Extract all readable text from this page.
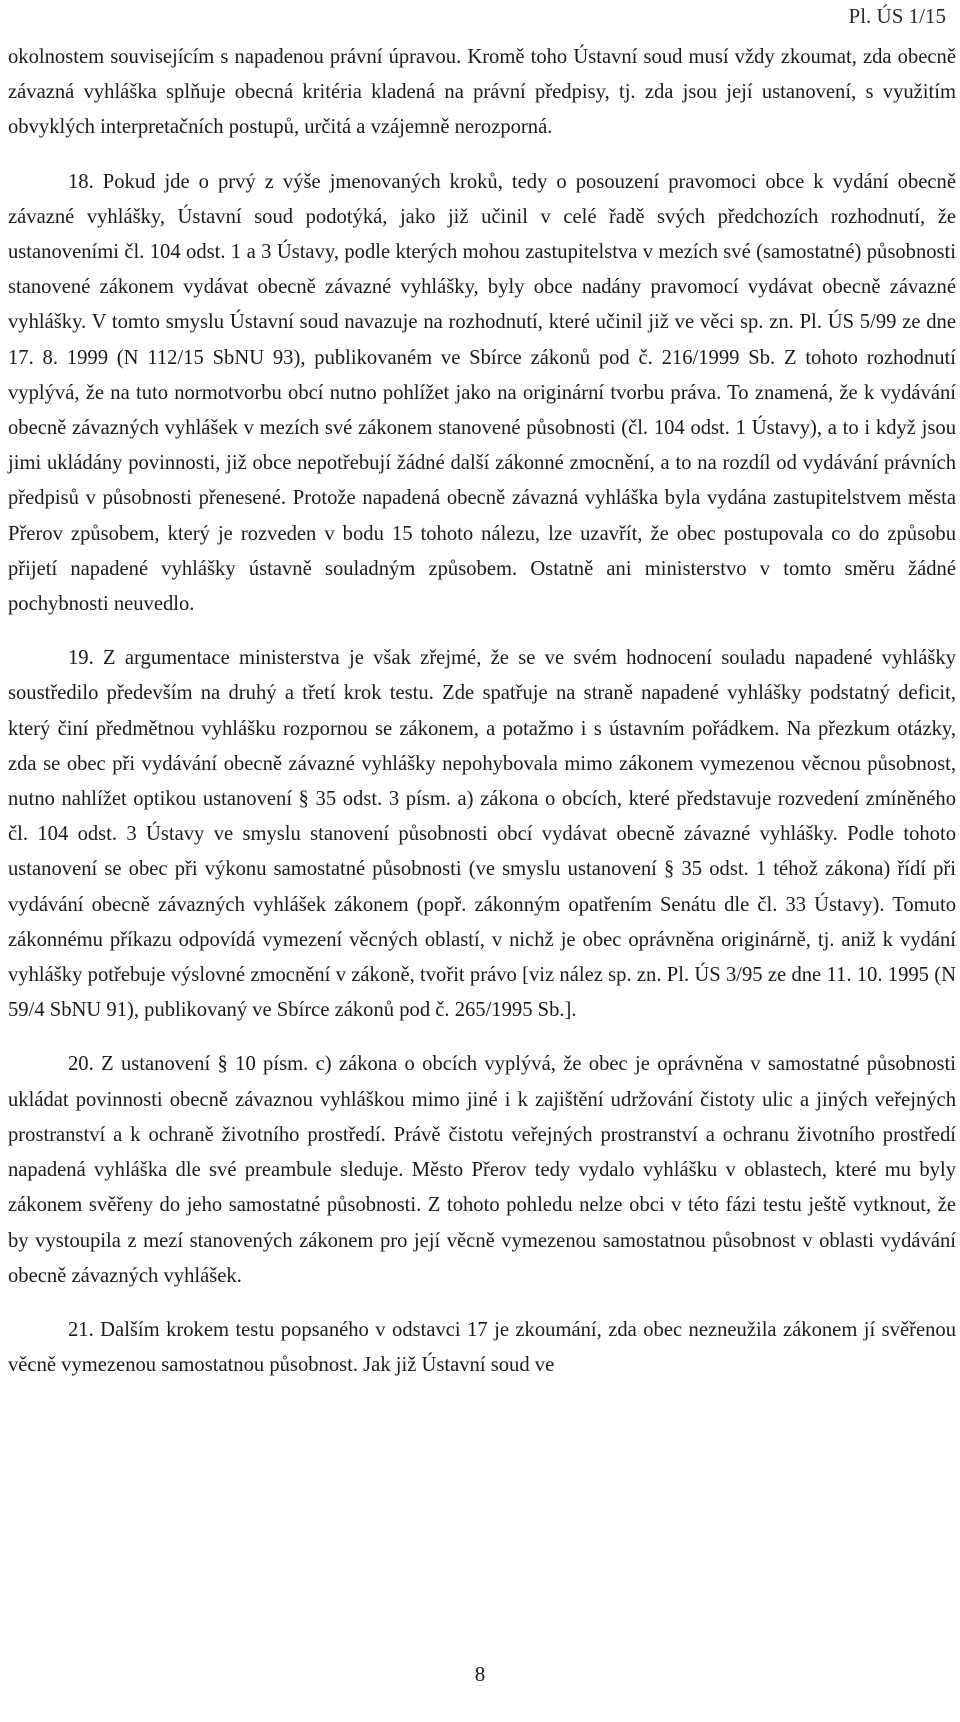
Pl. ÚS 1/15

okolnostem souvisejícím s napadenou právní úpravou. Kromě toho Ústavní soud musí vždy zkoumat, zda obecně závazná vyhláška splňuje obecná kritéria kladená na právní předpisy, tj. zda jsou její ustanovení, s využitím obvyklých interpretačních postupů, určitá a vzájemně nerozporná.

18. Pokud jde o prvý z výše jmenovaných kroků, tedy o posouzení pravomoci obce k vydání obecně závazné vyhlášky, Ústavní soud podotýká, jako již učinil v celé řadě svých předchozích rozhodnutí, že ustanoveními čl. 104 odst. 1 a 3 Ústavy, podle kterých mohou zastupitelstva v mezích své (samostatné) působnosti stanovené zákonem vydávat obecně závazné vyhlášky, byly obce nadány pravomocí vydávat obecně závazné vyhlášky. V tomto smyslu Ústavní soud navazuje na rozhodnutí, které učinil již ve věci sp. zn. Pl. ÚS 5/99 ze dne 17. 8. 1999 (N 112/15 SbNU 93), publikovaném ve Sbírce zákonů pod č. 216/1999 Sb. Z tohoto rozhodnutí vyplývá, že na tuto normotvorbu obcí nutno pohlížet jako na originární tvorbu práva. To znamená, že k vydávání obecně závazných vyhlášek v mezích své zákonem stanovené působnosti (čl. 104 odst. 1 Ústavy), a to i když jsou jimi ukládány povinnosti, již obce nepotřebují žádné další zákonné zmocnění, a to na rozdíl od vydávání právních předpisů v působnosti přenesené. Protože napadená obecně závazná vyhláška byla vydána zastupitelstvem města Přerov způsobem, který je rozveden v bodu 15 tohoto nálezu, lze uzavřít, že obec postupovala co do způsobu přijetí napadené vyhlášky ústavně souladným způsobem. Ostatně ani ministerstvo v tomto směru žádné pochybnosti neuvedlo.

19. Z argumentace ministerstva je však zřejmé, že se ve svém hodnocení souladu napadené vyhlášky soustředilo především na druhý a třetí krok testu. Zde spatřuje na straně napadené vyhlášky podstatný deficit, který činí předmětnou vyhlášku rozpornou se zákonem, a potažmo i s ústavním pořádkem. Na přezkum otázky, zda se obec při vydávání obecně závazné vyhlášky nepohybovala mimo zákonem vymezenou věcnou působnost, nutno nahlížet optikou ustanovení § 35 odst. 3 písm. a) zákona o obcích, které představuje rozvedení zmíněného čl. 104 odst. 3 Ústavy ve smyslu stanovení působnosti obcí vydávat obecně závazné vyhlášky. Podle tohoto ustanovení se obec při výkonu samostatné působnosti (ve smyslu ustanovení § 35 odst. 1 téhož zákona) řídí při vydávání obecně závazných vyhlášek zákonem (popř. zákonným opatřením Senátu dle čl. 33 Ústavy). Tomuto zákonnému příkazu odpovídá vymezení věcných oblastí, v nichž je obec oprávněna originárně, tj. aniž k vydání vyhlášky potřebuje výslovné zmocnění v zákoně, tvořit právo [viz nález sp. zn. Pl. ÚS 3/95 ze dne 11. 10. 1995 (N 59/4 SbNU 91), publikovaný ve Sbírce zákonů pod č. 265/1995 Sb.].

20. Z ustanovení § 10 písm. c) zákona o obcích vyplývá, že obec je oprávněna v samostatné působnosti ukládat povinnosti obecně závaznou vyhláškou mimo jiné i k zajištění udržování čistoty ulic a jiných veřejných prostranství a k ochraně životního prostředí. Právě čistotu veřejných prostranství a ochranu životního prostředí napadená vyhláška dle své preambule sleduje. Město Přerov tedy vydalo vyhlášku v oblastech, které mu byly zákonem svěřeny do jeho samostatné působnosti. Z tohoto pohledu nelze obci v této fázi testu ještě vytknout, že by vystoupila z mezí stanovených zákonem pro její věcně vymezenou samostatnou působnost v oblasti vydávání obecně závazných vyhlášek.

21. Dalším krokem testu popsaného v odstavci 17 je zkoumání, zda obec nezneužila zákonem jí svěřenou věcně vymezenou samostatnou působnost. Jak již Ústavní soud ve

8
